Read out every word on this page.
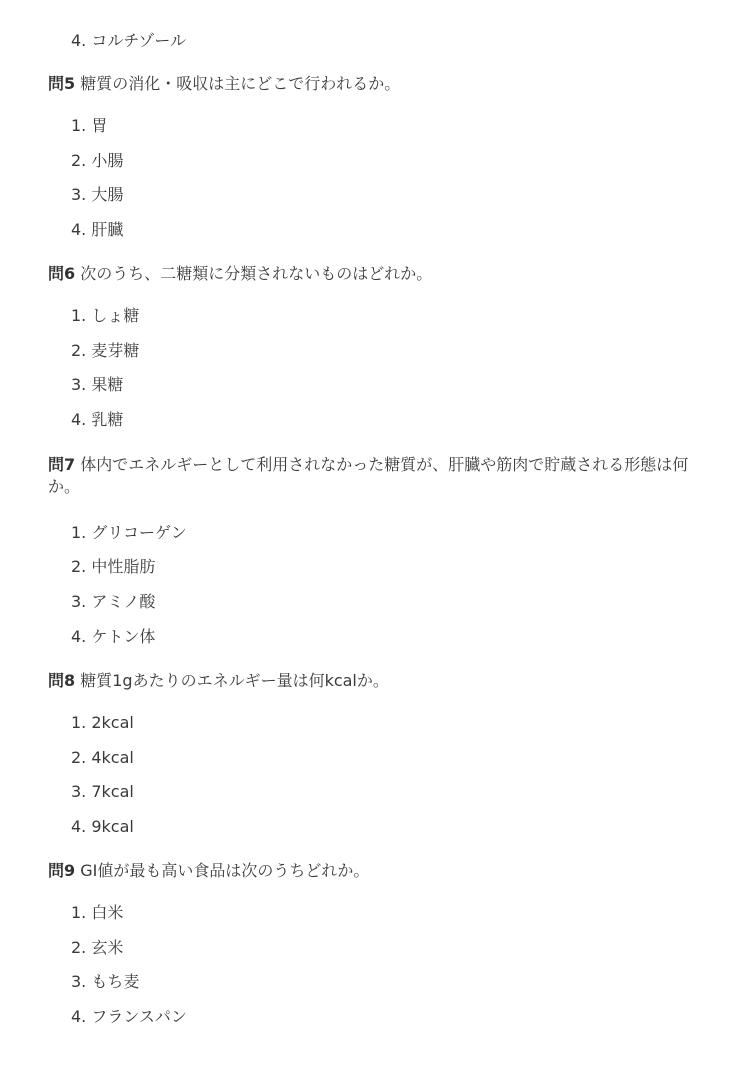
4. コルチゾール
問5 糖質の消化・吸収は主にどこで行われるか。
1. 胃
2. 小腸
3. 大腸
4. 肝臓
問6 次のうち、二糖類に分類されないものはどれか。
1. しょ糖
2. 麦芽糖
3. 果糖
4. 乳糖
問7 体内でエネルギーとして利用されなかった糖質が、肝臓や筋肉で貯蔵される形態は何か。
1. グリコーゲン
2. 中性脂肪
3. アミノ酸
4. ケトン体
問8 糖質1gあたりのエネルギー量は何kcalか。
1. 2kcal
2. 4kcal
3. 7kcal
4. 9kcal
問9 GI値が最も高い食品は次のうちどれか。
1. 白米
2. 玄米
3. もち麦
4. フランスパン
